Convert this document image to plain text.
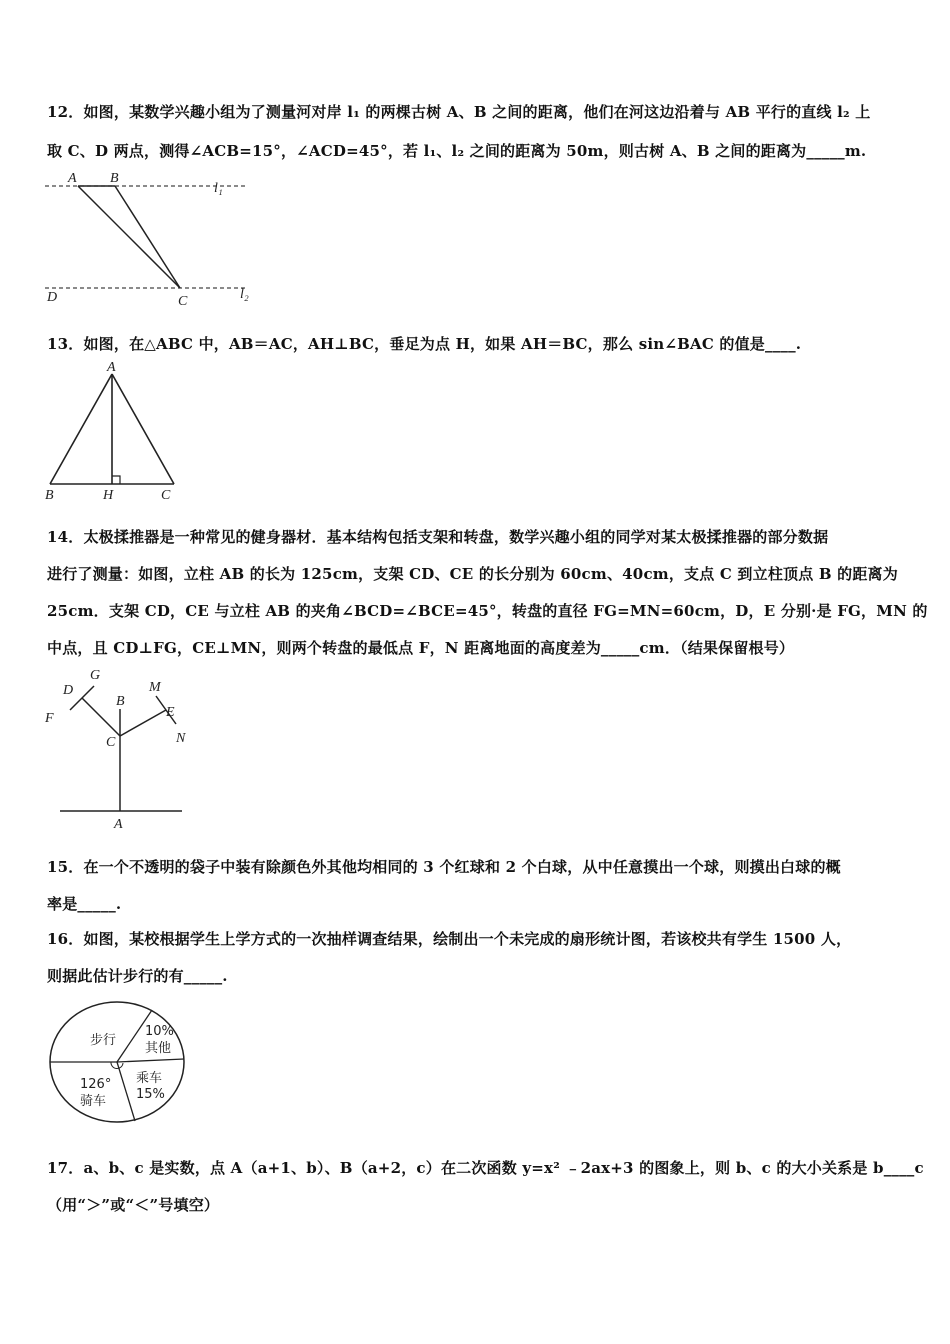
12．如图，某数学兴趣小组为了测量河对岸 l₁ 的两棵古树 A、B 之间的距离，他们在河这边沿着与 AB 平行的直线 l₂ 上
取 C、D 两点，测得∠ACB=15°，∠ACD=45°，若 l₁、l₂ 之间的距离为 50m，则古树 A、B 之间的距离为_____m.
A B
l₁
D	C	l₂
13．如图，在△ABC 中，AB＝AC，AH⊥BC，垂足为点 H，如果 AH＝BC，那么 sin∠BAC 的值是____.
A
B	H	C
14．太极揉推器是一种常见的健身器材．基本结构包括支架和转盘，数学兴趣小组的同学对某太极揉推器的部分数据
进行了测量：如图，立柱 AB 的长为 125cm，支架 CD、CE 的长分别为 60cm、40cm，支点 C 到立柱顶点 B 的距离为
25cm．支架 CD，CE 与立柱 AB 的夹角∠BCD=∠BCE=45°，转盘的直径 FG=MN=60cm，D，E 分别·是 FG，MN 的
中点，且 CD⊥FG，CE⊥MN，则两个转盘的最低点 F，N 距离地面的高度差为_____cm．（结果保留根号）
D
G
F
B
M
E
N
C
A
15．在一个不透明的袋子中装有除颜色外其他均相同的 3 个红球和 2 个白球，从中任意摸出一个球，则摸出白球的概
率是_____.
16．如图，某校根据学生上学方式的一次抽样调查结果，绘制出一个未完成的扇形统计图，若该校共有学生 1500 人，
则据此估计步行的有_____.
步行
10%
其他
乘车
15%
126°
骑车
17．a、b、c 是实数，点 A（a+1、b）、B（a+2，c）在二次函数 y=x² ﹣2ax+3 的图象上，则 b、c 的大小关系是 b____c
（用“＞”或“＜”号填空）
